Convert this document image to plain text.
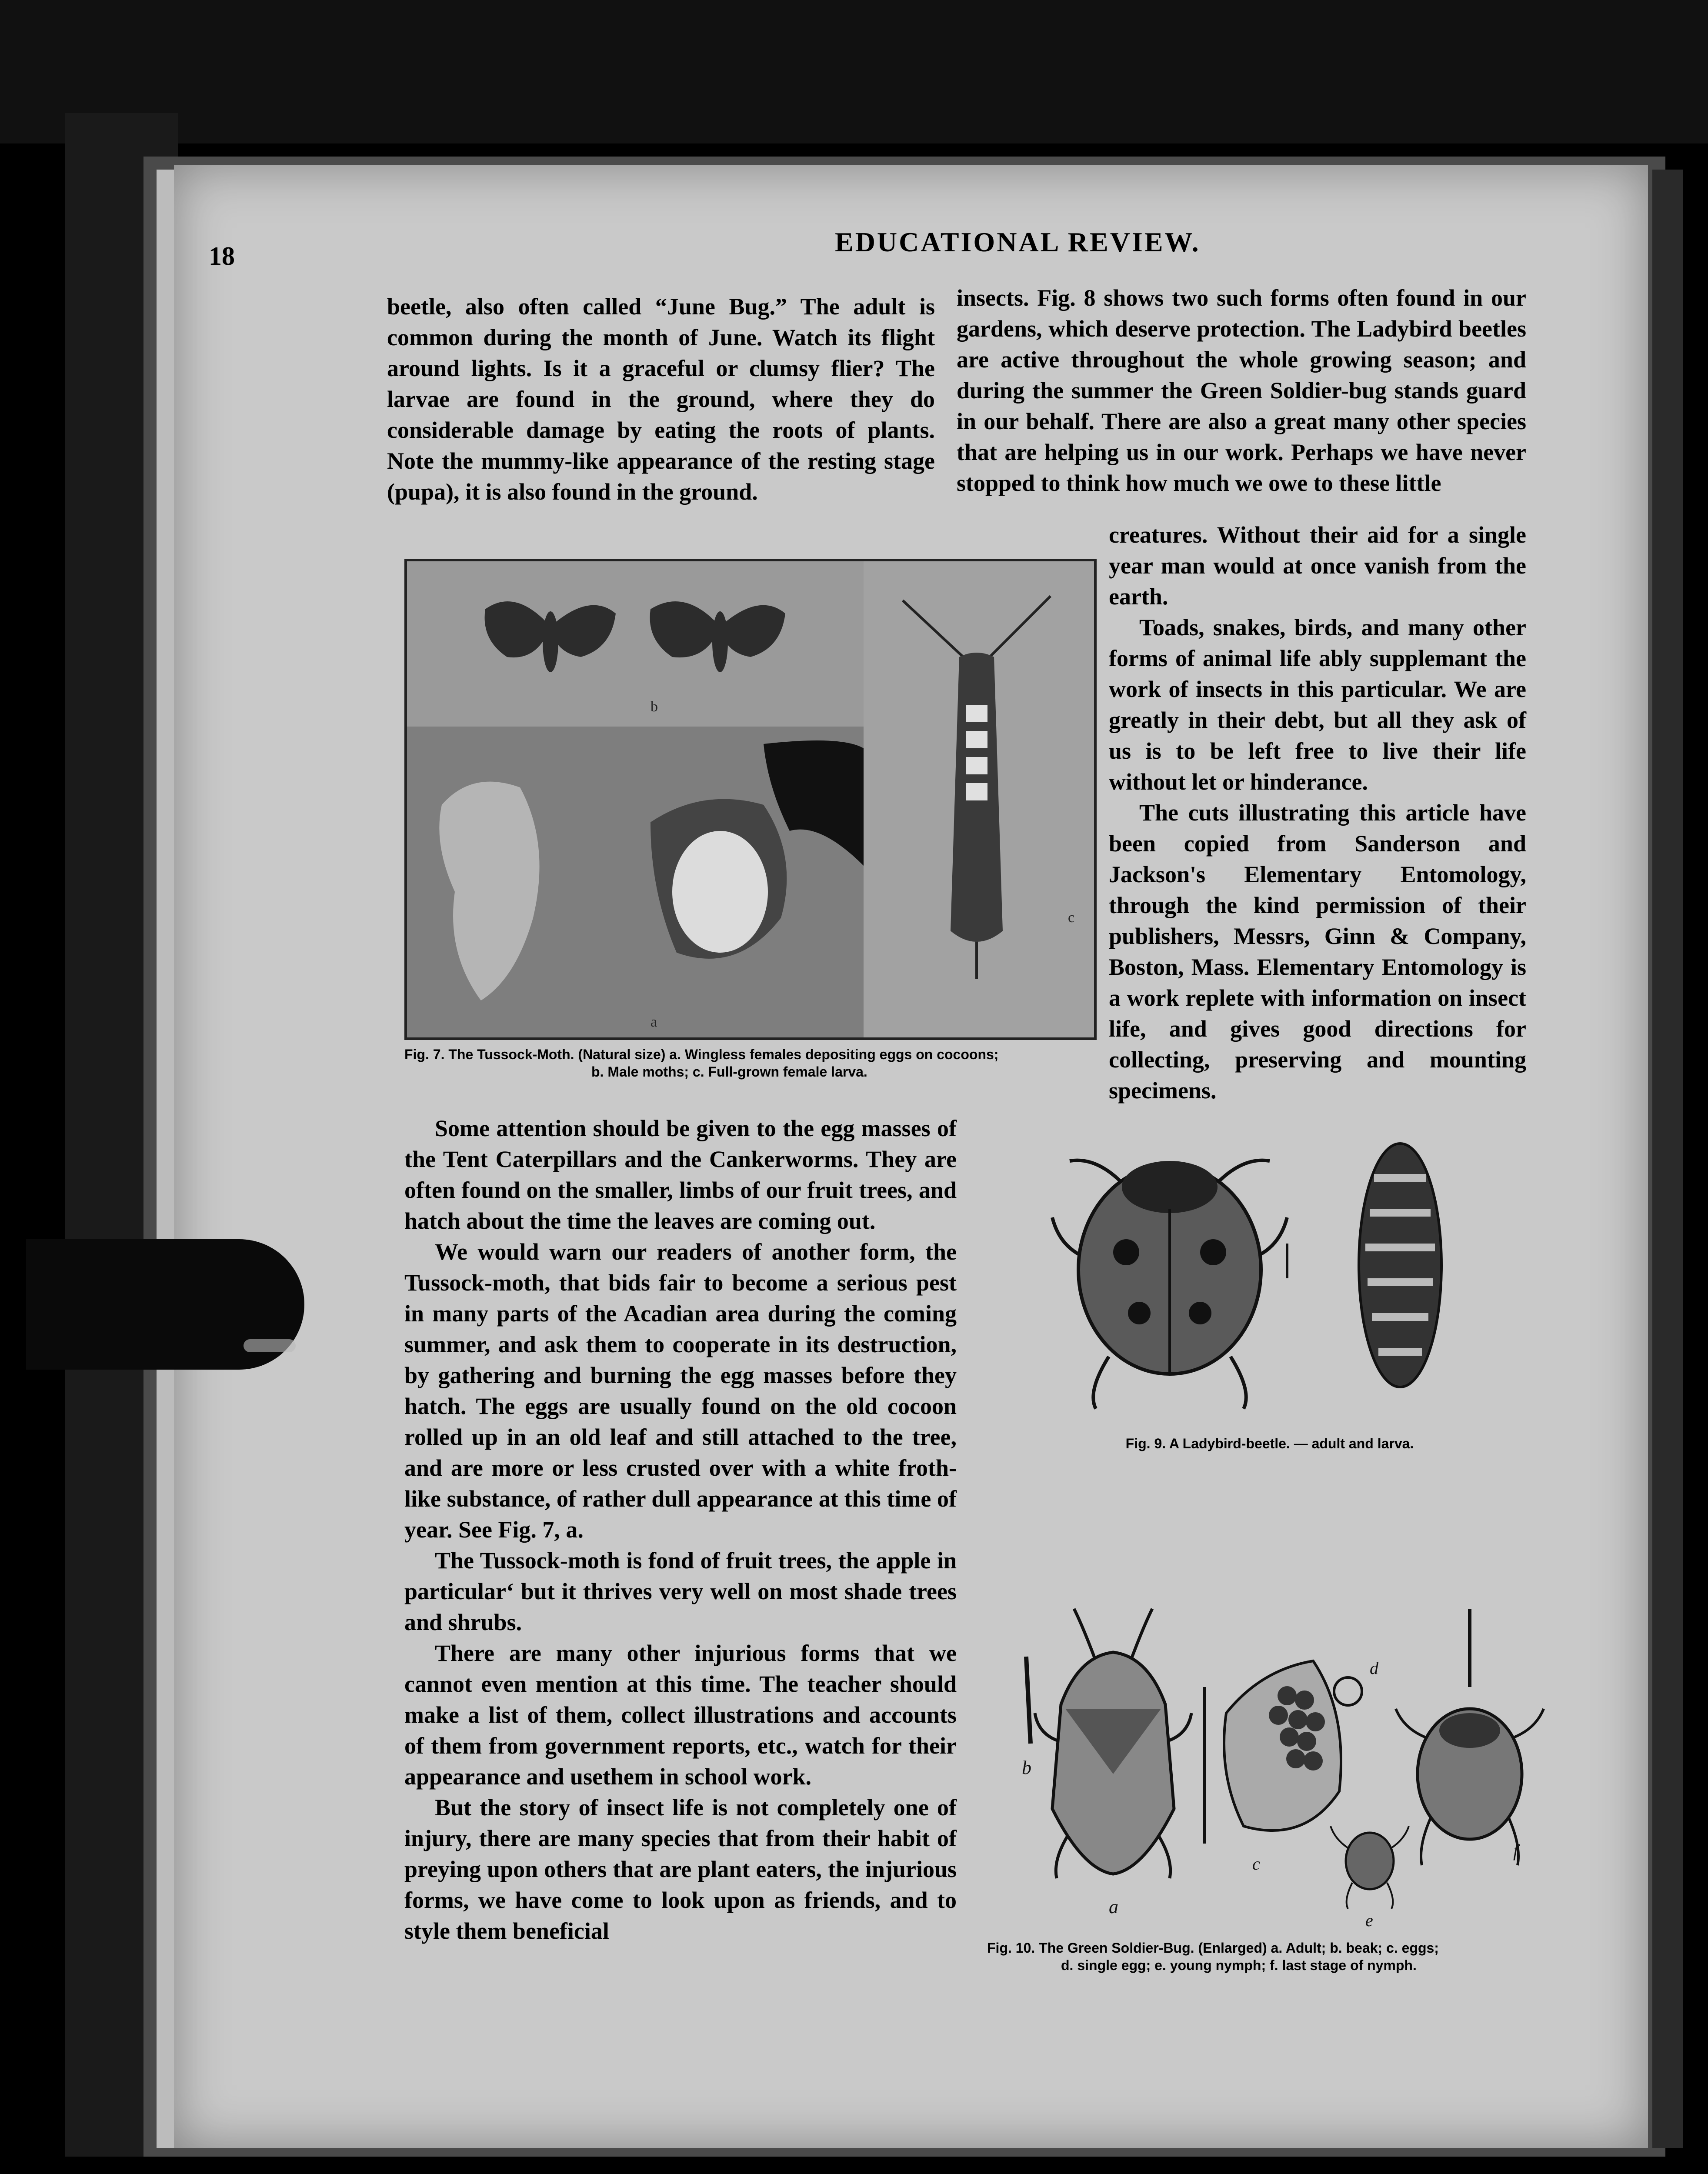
18	EDUCATIONAL REVIEW.

beetle, also often called “June Bug.” The adult is common during the month of June. Watch its flight around lights. Is it a graceful or clumsy flier? The larvae are found in the ground, where they do considerable damage by eating the roots of plants. Note the mummy-like appearance of the resting stage (pupa), it is also found in the ground.

insects. Fig. 8 shows two such forms often found in our gardens, which deserve protection. The Ladybird beetles are active throughout the whole growing season; and during the summer the Green Soldier-bug stands guard in our behalf. There are also a great many other species that are helping us in our work. Perhaps we have never stopped to think how much we owe to these little

creatures. Without their aid for a single year man would at once vanish from the earth.

Toads, snakes, birds, and many other forms of animal life ably supplemant the work of insects in this particular. We are greatly in their debt, but all they ask of us is to be left free to live their life without let or hinderance.

The cuts illustrating this article have been copied from Sanderson and Jackson's Elementary Entomology, through the kind permission of their publishers, Messrs, Ginn & Company, Boston, Mass. Elementary Entomology is a work replete with information on insect life, and gives good directions for collecting, preserving and mounting specimens.

b
a
c
Fig. 7. The Tussock-Moth. (Natural size) a. Wingless females depositing eggs on cocoons;
b. Male moths; c. Full-grown female larva.

Some attention should be given to the egg masses of the Tent Caterpillars and the Cankerworms. They are often found on the smaller, limbs of our fruit trees, and hatch about the time the leaves are coming out.

We would warn our readers of another form, the Tussock-moth, that bids fair to become a serious pest in many parts of the Acadian area during the coming summer, and ask them to cooperate in its destruction, by gathering and burning the egg masses before they hatch. The eggs are usually found on the old cocoon rolled up in an old leaf and still attached to the tree, and are more or less crusted over with a white froth-like substance, of rather dull appearance at this time of year. See Fig. 7, a.

The Tussock-moth is fond of fruit trees, the apple in particular‘ but it thrives very well on most shade trees and shrubs.

There are many other injurious forms that we cannot even mention at this time. The teacher should make a list of them, collect illustrations and accounts of them from government reports, etc., watch for their appearance and usethem in school work.

But the story of insect life is not completely one of injury, there are many species that from their habit of preying upon others that are plant eaters, the injurious forms, we have come to look upon as friends, and to style them beneficial

Fig. 9. A Ladybird-beetle. — adult and larva.
b
a
c
d
f
e
Fig. 10. The Green Soldier-Bug. (Enlarged) a. Adult; b. beak; c. eggs;
d. single egg; e. young nymph; f. last stage of nymph.
